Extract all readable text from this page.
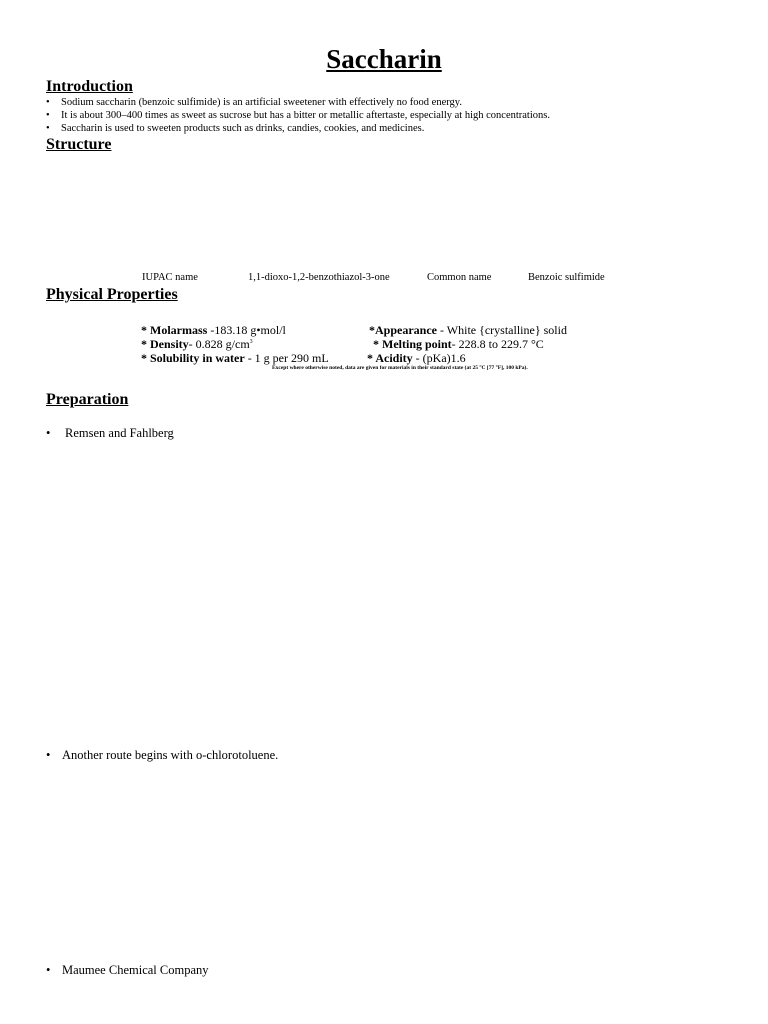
Saccharin
Introduction
• Sodium saccharin (benzoic sulfimide) is an artificial sweetener with effectively no food energy.
• It is about 300–400 times as sweet as sucrose but has a bitter or metallic aftertaste, especially at high concentrations.
• Saccharin is used to sweeten products such as drinks, candies, cookies, and medicines.
Structure
IUPAC name	1,1-dioxo-1,2-benzothiazol-3-one	Common name	Benzoic sulfimide
Physical Properties
* Molarmass -183.18 g•mol/l	*Appearance - White {crystalline} solid
* Density- 0.828 $g/cm^3$	* Melting point- 228.8 to 229.7 °C
* Solubility in water - 1 g per 290 mL	* Acidity - (pKa)1.6
Except where otherwise noted, data are given for materials in their standard state (at 25 °C [77 °F], 100 kPa).
Preparation
• Remsen and Fahlberg
• Another route begins with o-chlorotoluene.
• Maumee Chemical Company
